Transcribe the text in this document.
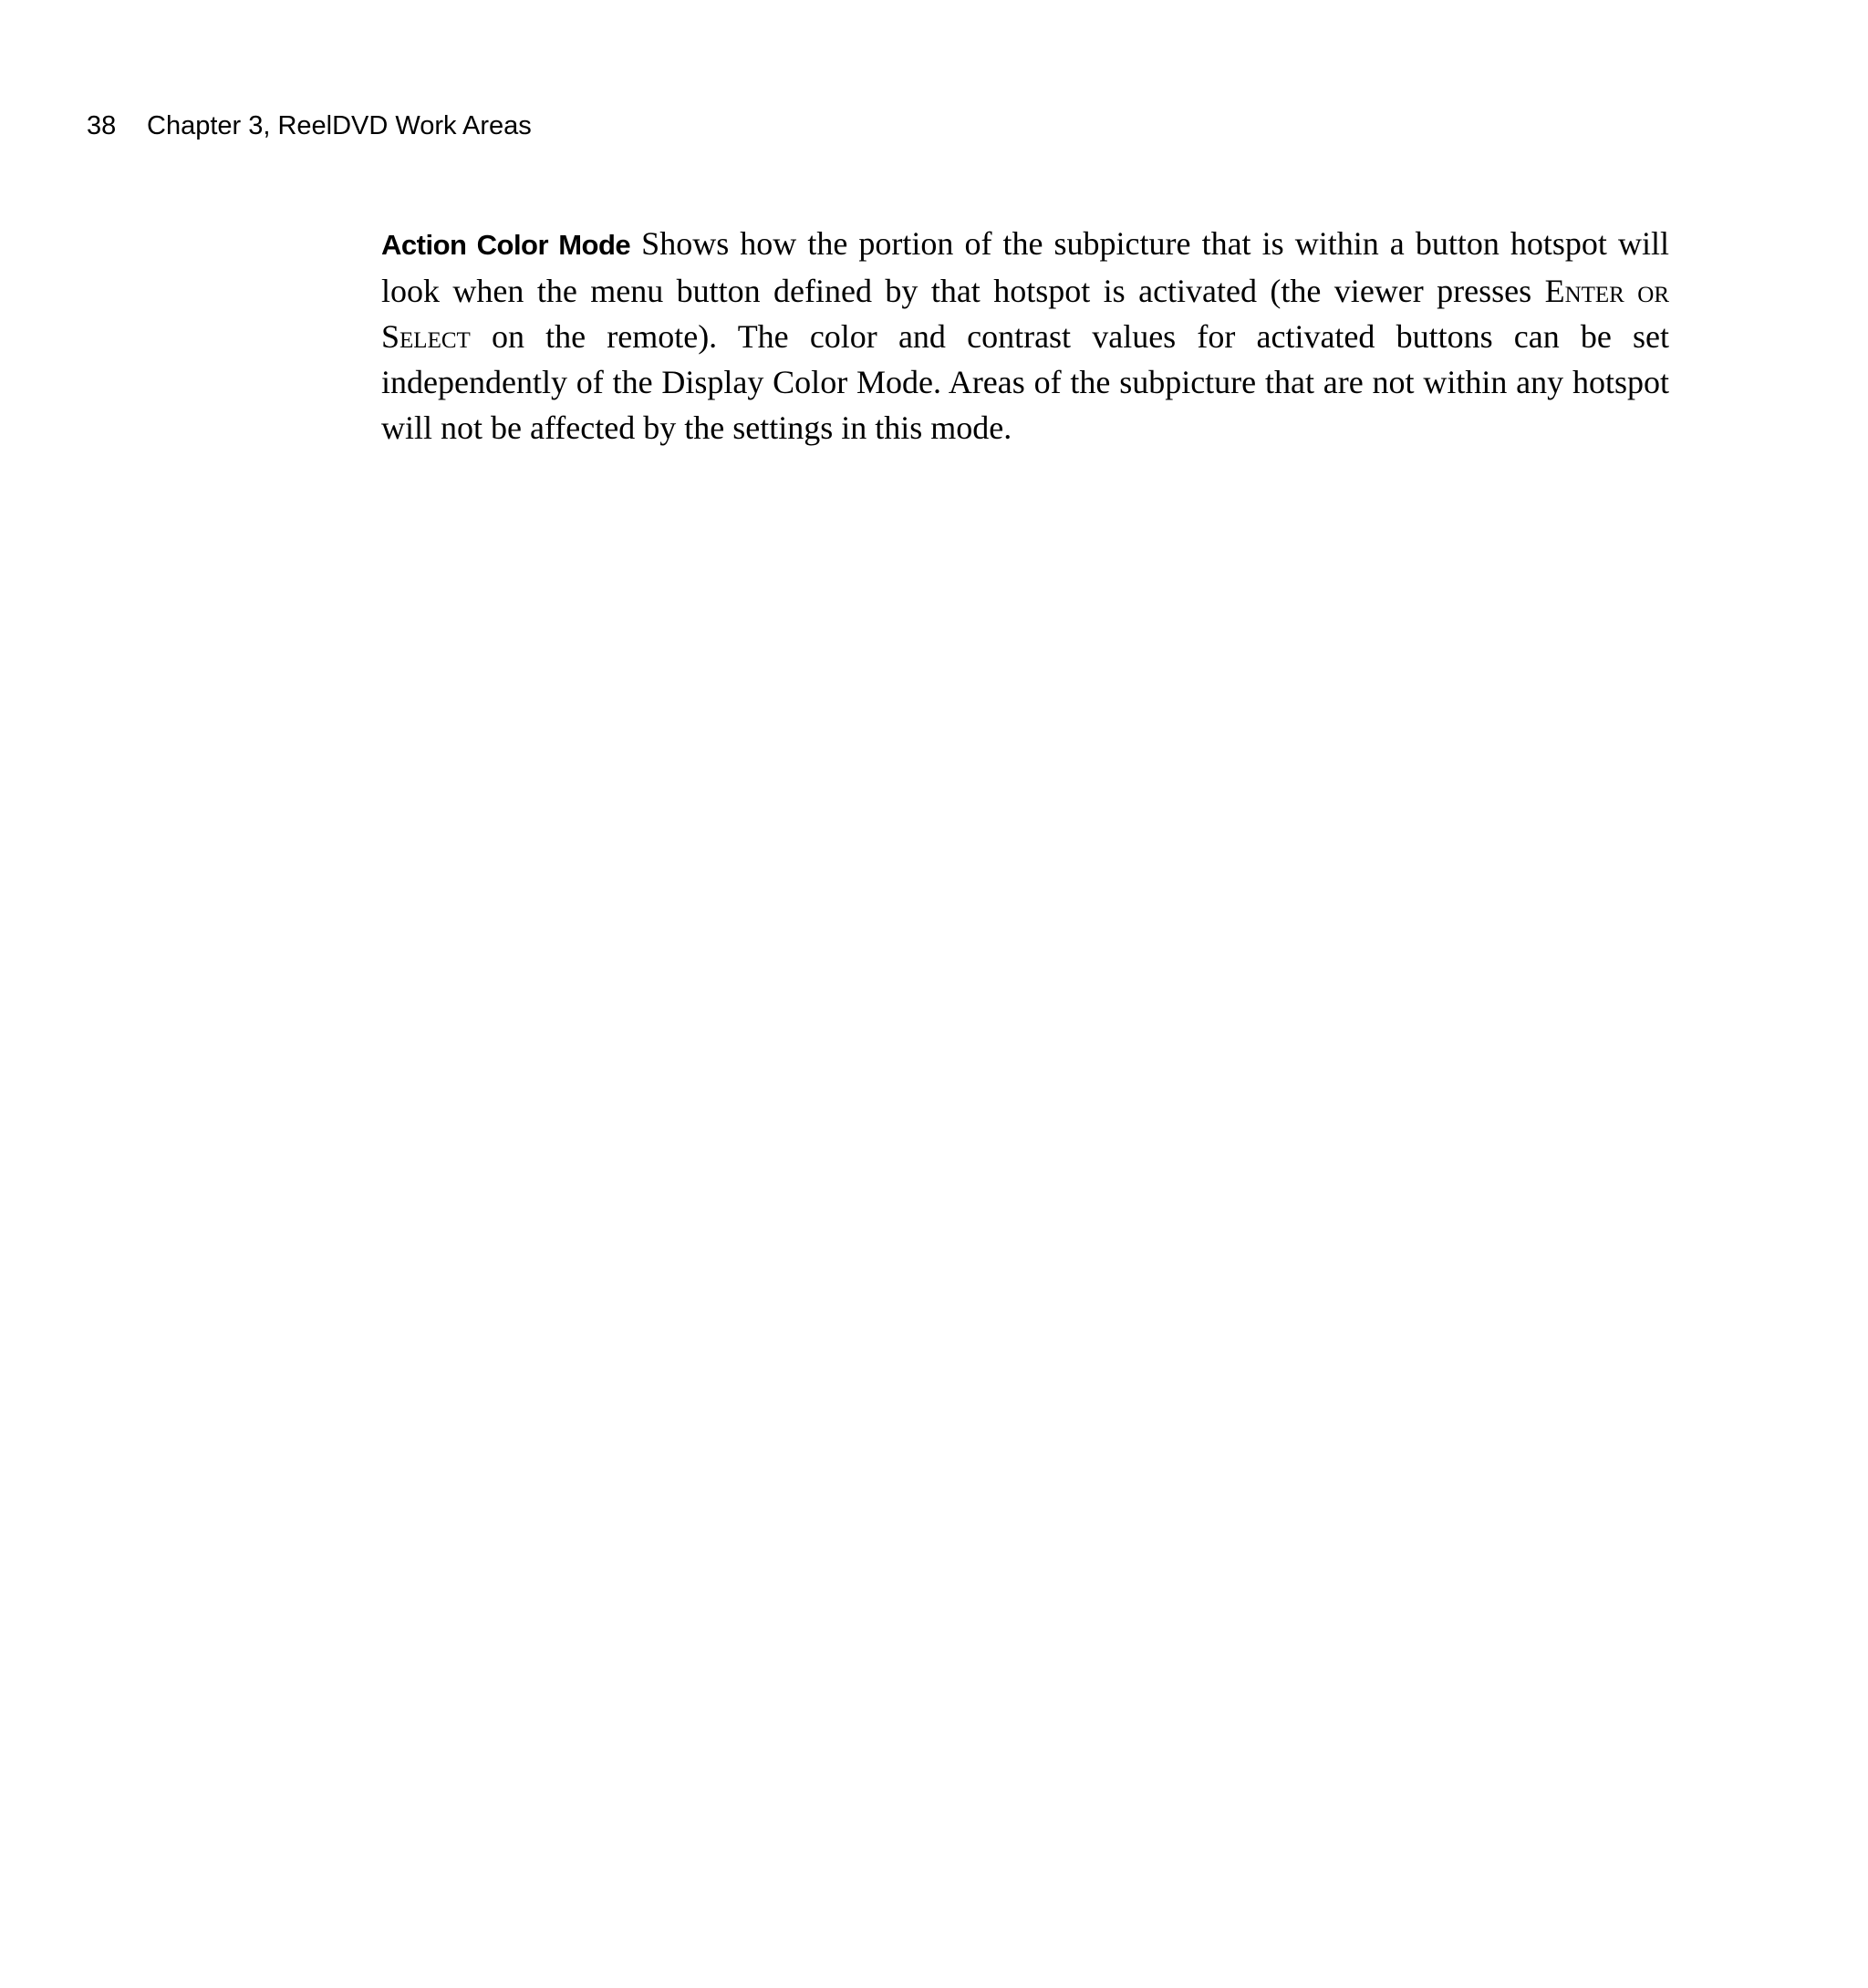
38 Chapter 3, ReelDVD Work Areas

Action Color Mode Shows how the portion of the subpicture that is within a button hotspot will look when the menu button defined by that hotspot is activated (the viewer presses Enter or Select on the remote). The color and contrast values for activated buttons can be set independently of the Display Color Mode. Areas of the subpicture that are not within any hotspot will not be affected by the settings in this mode.
